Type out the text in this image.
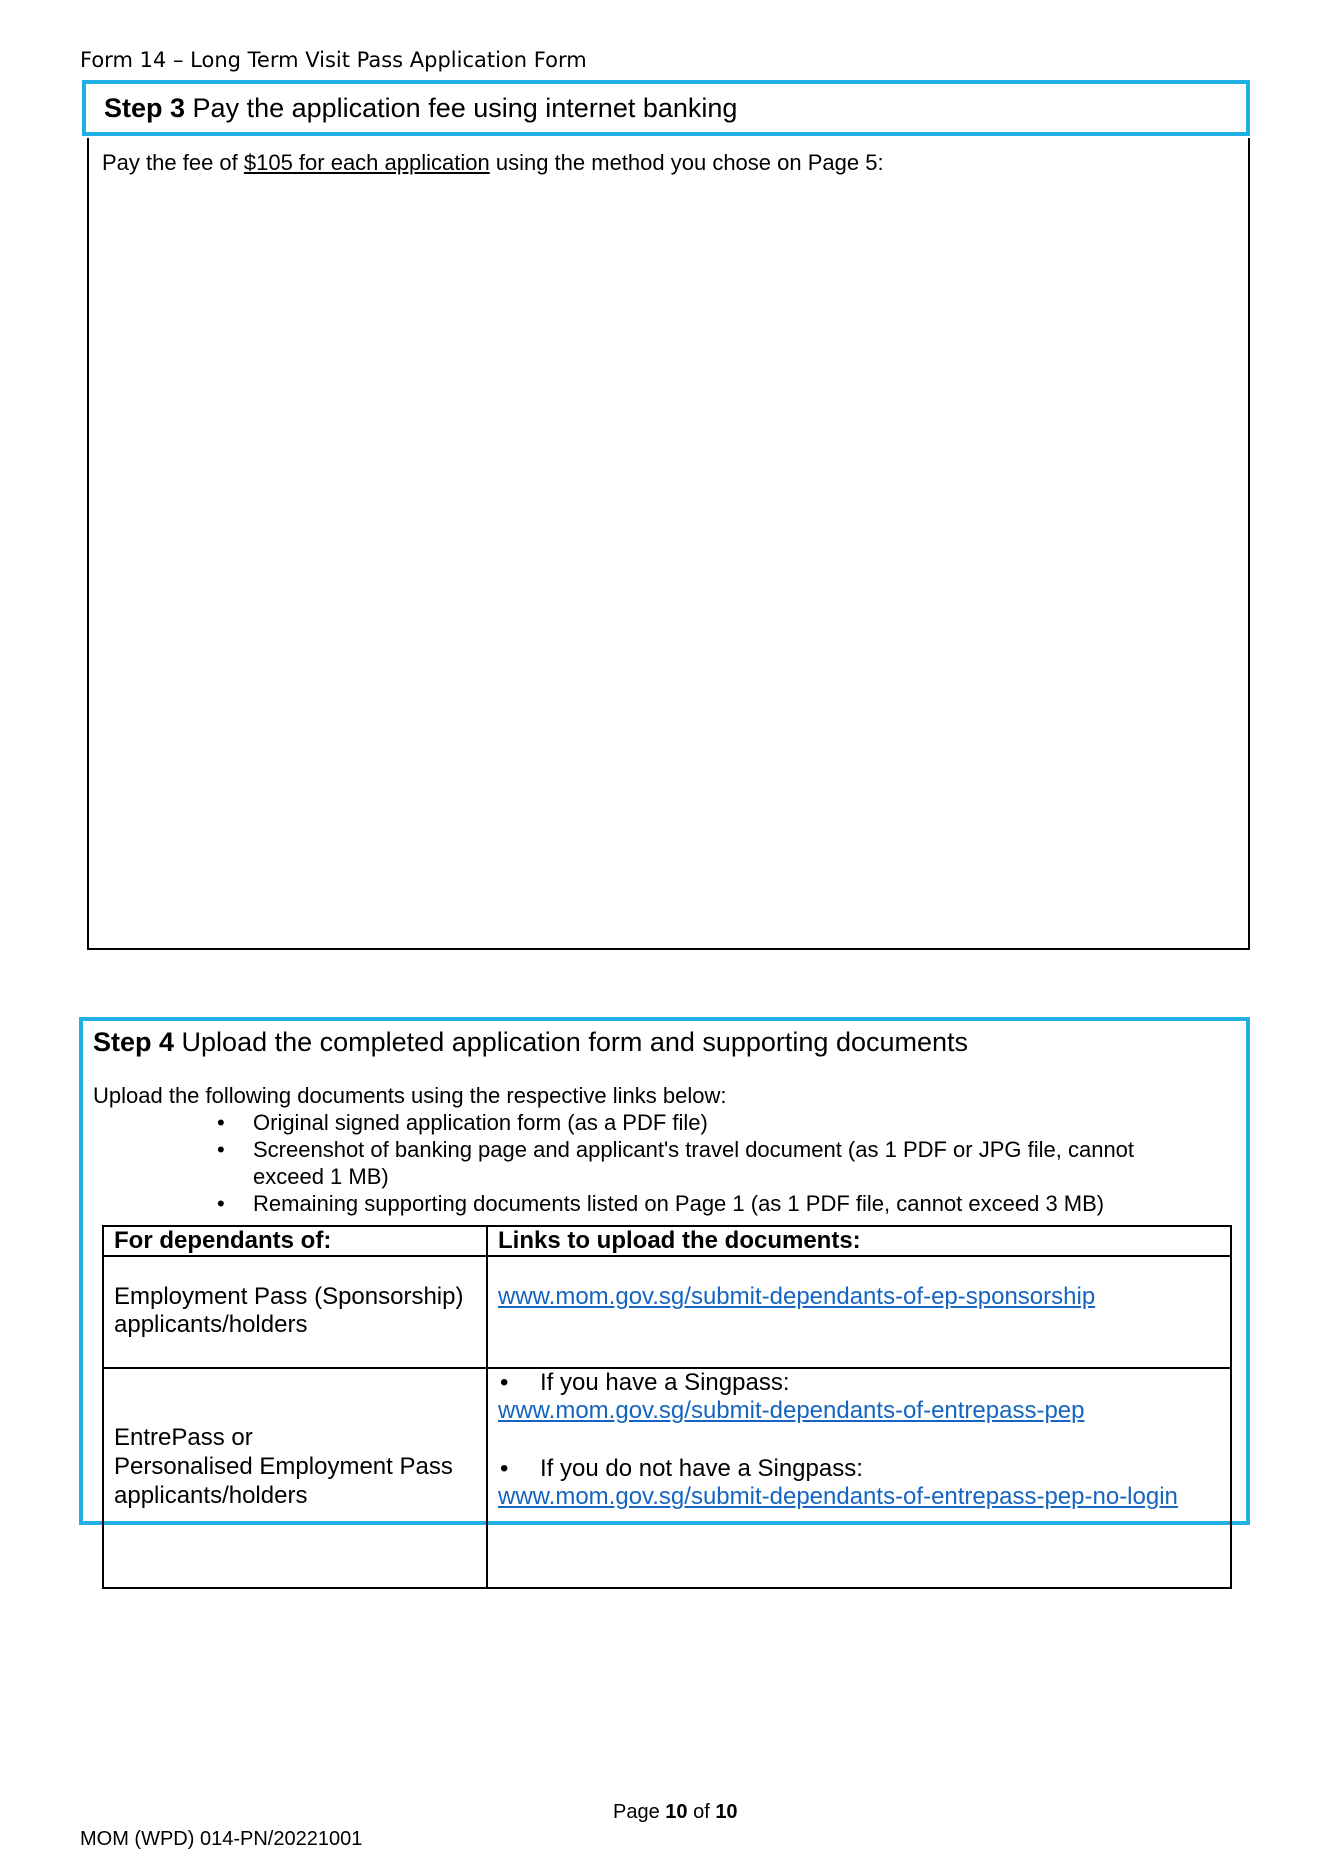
Form 14 – Long Term Visit Pass Application Form
Step 3
Pay the application fee using internet banking
Pay the fee of $105 for each application using the method you chose on Page 5:
Step 4 Upload the completed application form and supporting documents
Upload the following documents using the respective links below:
• Original signed application form (as a PDF file)
• Screenshot of banking page and applicant's travel document (as 1 PDF or JPG file, cannot
exceed 1 MB)
• Remaining supporting documents listed on Page 1 (as 1 PDF file, cannot exceed 3 MB)
For dependants of:	Links to upload the documents:
Employment Pass (Sponsorship)
applicants/holders	www.mom.gov.sg/submit-dependants-of-ep-sponsorship
EntrePass or
Personalised Employment Pass
applicants/holders	• If you have a Singpass:
www.mom.gov.sg/submit-dependants-of-entrepass-pep
• If you do not have a Singpass:
www.mom.gov.sg/submit-dependants-of-entrepass-pep-no-login
Page 10 of 10
MOM (WPD) 014-PN/20221001
